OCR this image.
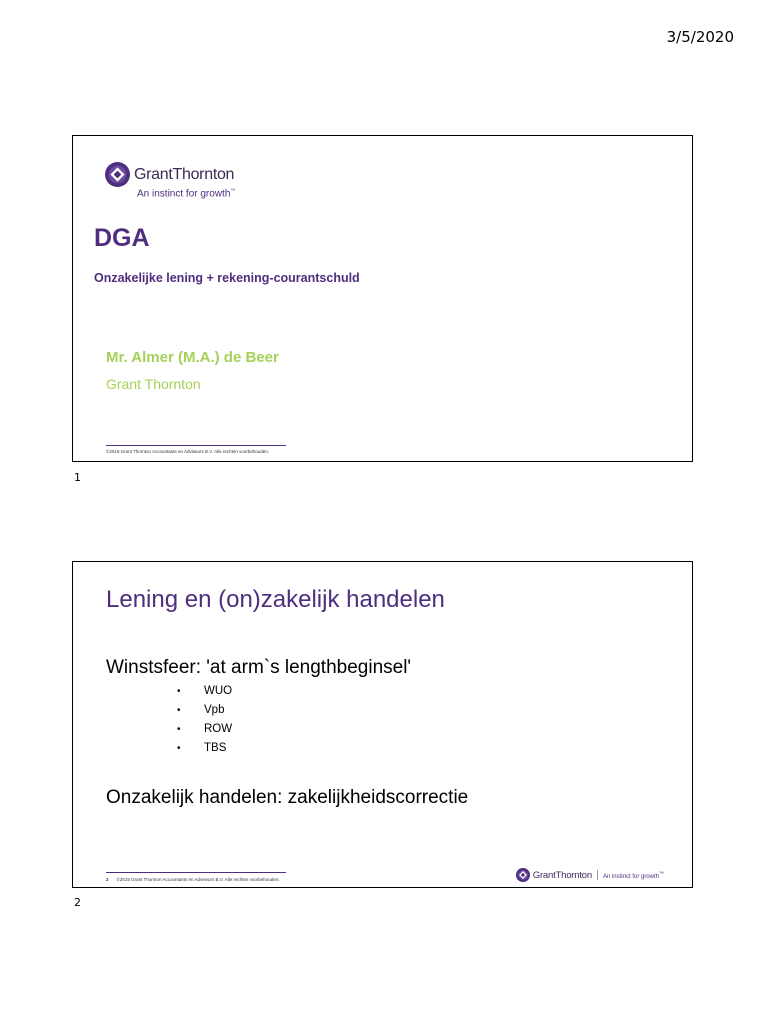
3/5/2020
GrantThornton
An instinct for growth™
DGA
Onzakelijke lening + rekening-courantschuld
Mr. Almer (M.A.) de Beer
Grant Thornton
©2019 Grant Thornton Accountants en Adviseurs B.V. Alle rechten voorbehouden.
1
Lening en (on)zakelijk handelen
Winstsfeer: 'at arm`s lengthbeginsel'
•	WUO
•	Vpb
•	ROW
•	TBS
Onzakelijk handelen: zakelijkheidscorrectie
2 ©2019 Grant Thornton Accountants en Adviseurs B.V. Alle rechten voorbehouden.	GrantThornton An instinct for growth™
2
